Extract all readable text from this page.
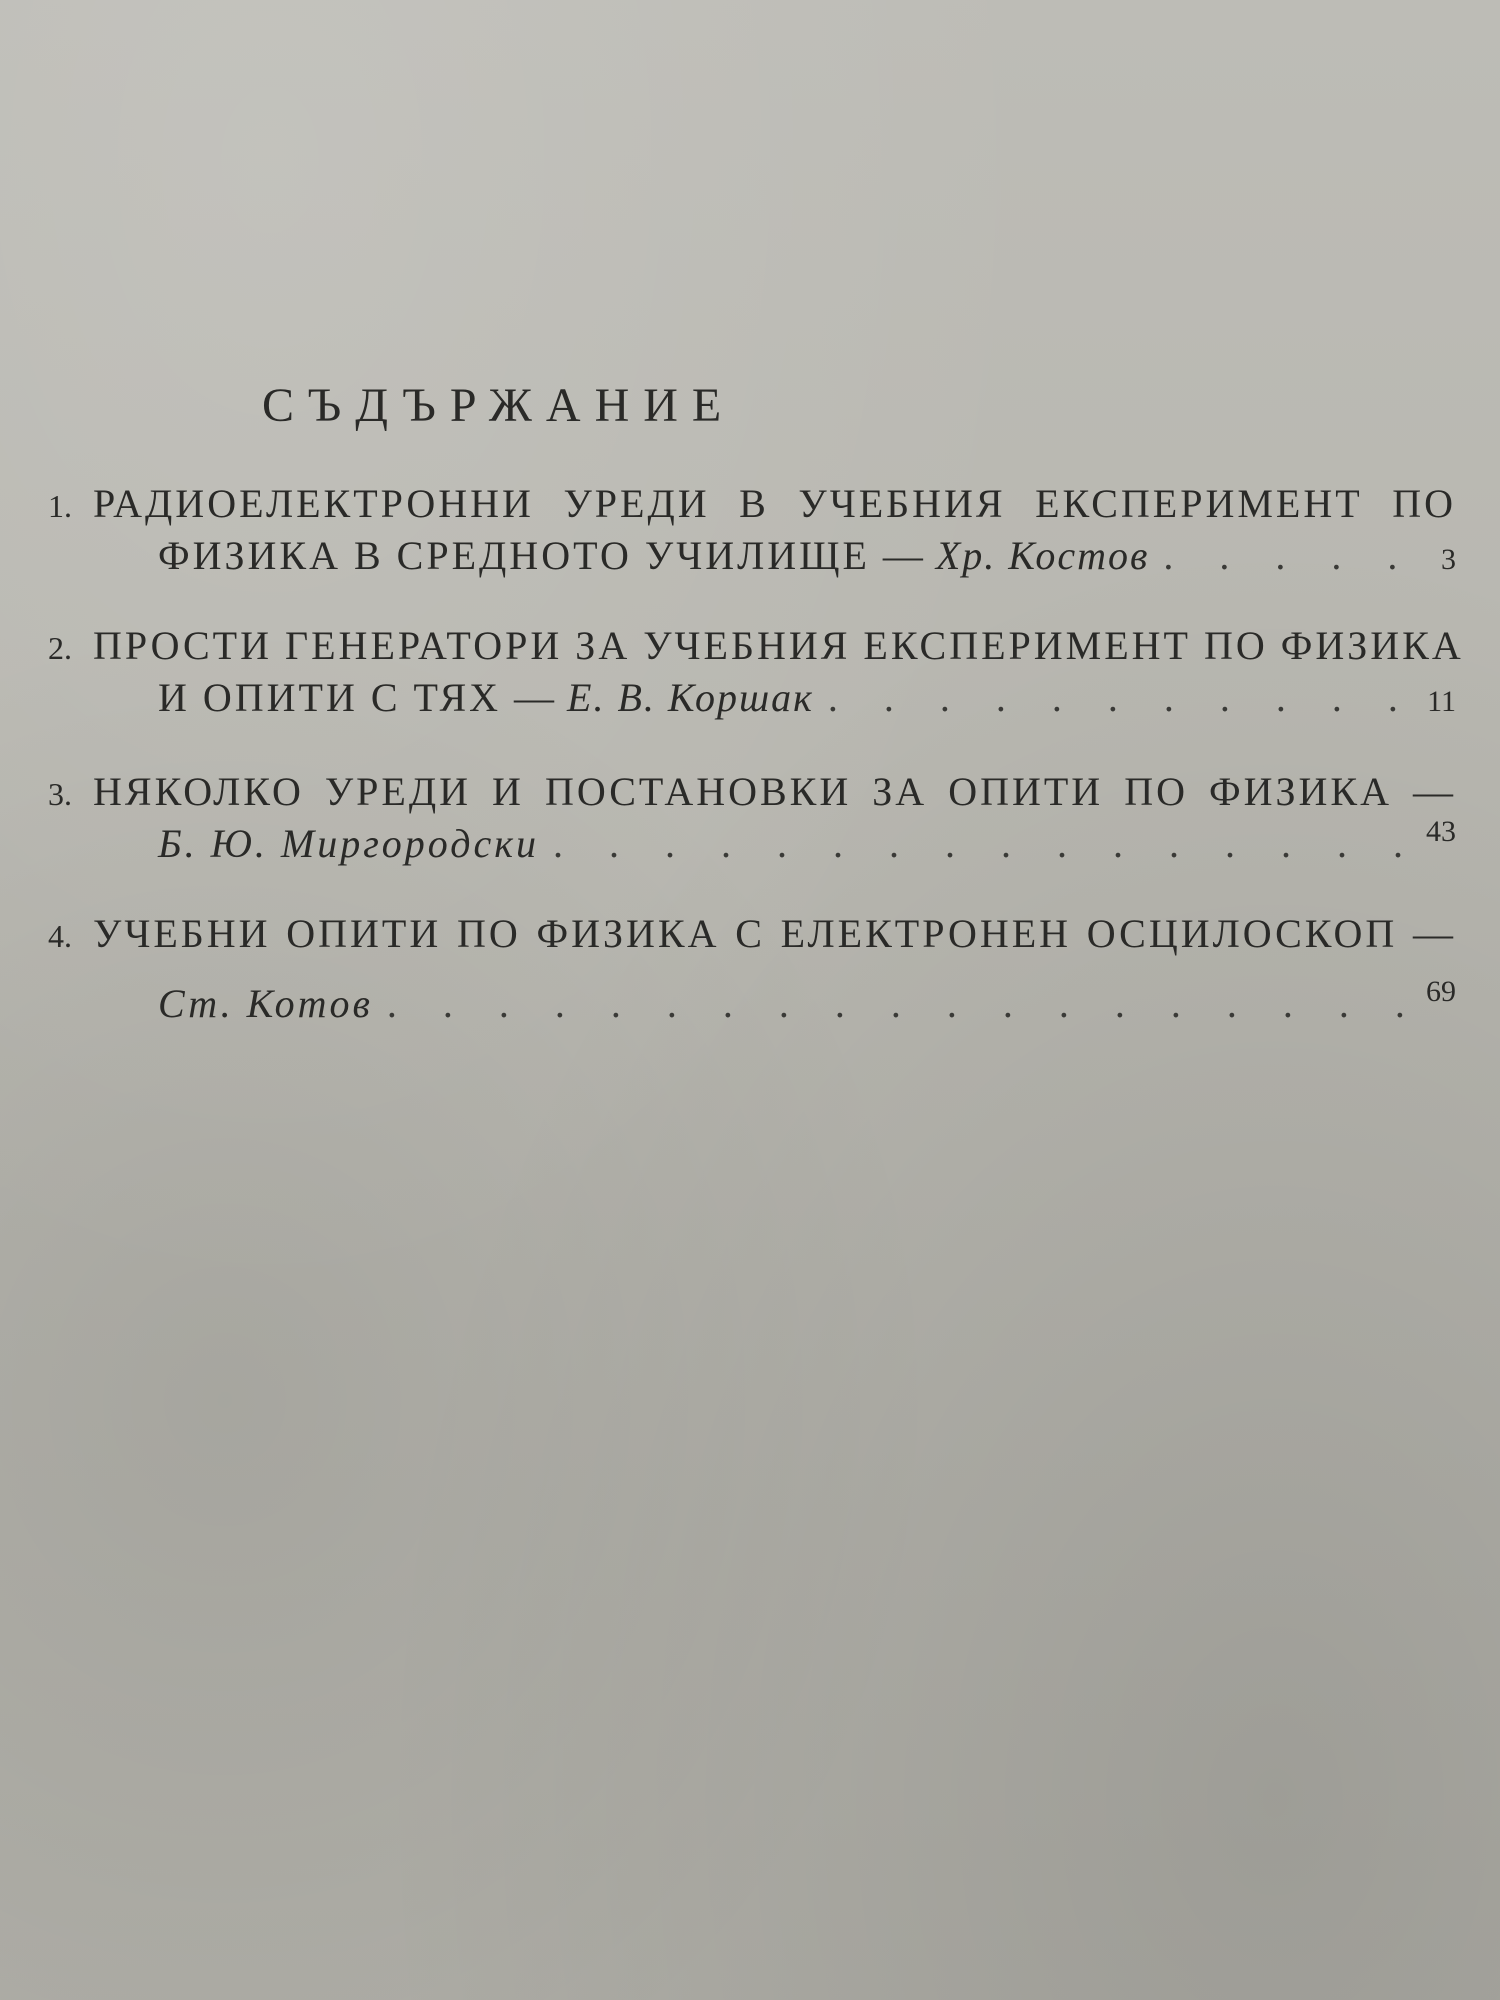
СЪДЪРЖАНИЕ
1. РАДИОЕЛЕКТРОННИ УРЕДИ В УЧЕБНИЯ ЕКСПЕРИМЕНТ ПО
ФИЗИКА В СРЕДНОТО УЧИЛИЩЕ — Хр. Костов . . .	3
2. ПРОСТИ ГЕНЕРАТОРИ ЗА УЧЕБНИЯ ЕКСПЕРИМЕНТ ПО ФИЗИКА
И ОПИТИ С ТЯХ — Е. В. Коршак . . .	11
3. НЯКОЛКО УРЕДИ И ПОСТАНОВКИ ЗА ОПИТИ ПО ФИЗИКА —
Б. Ю. Миргородски . . .	43
4. УЧЕБНИ ОПИТИ ПО ФИЗИКА С ЕЛЕКТРОНЕН ОСЦИЛОСКОП —
Ст. Котов . . .	69
